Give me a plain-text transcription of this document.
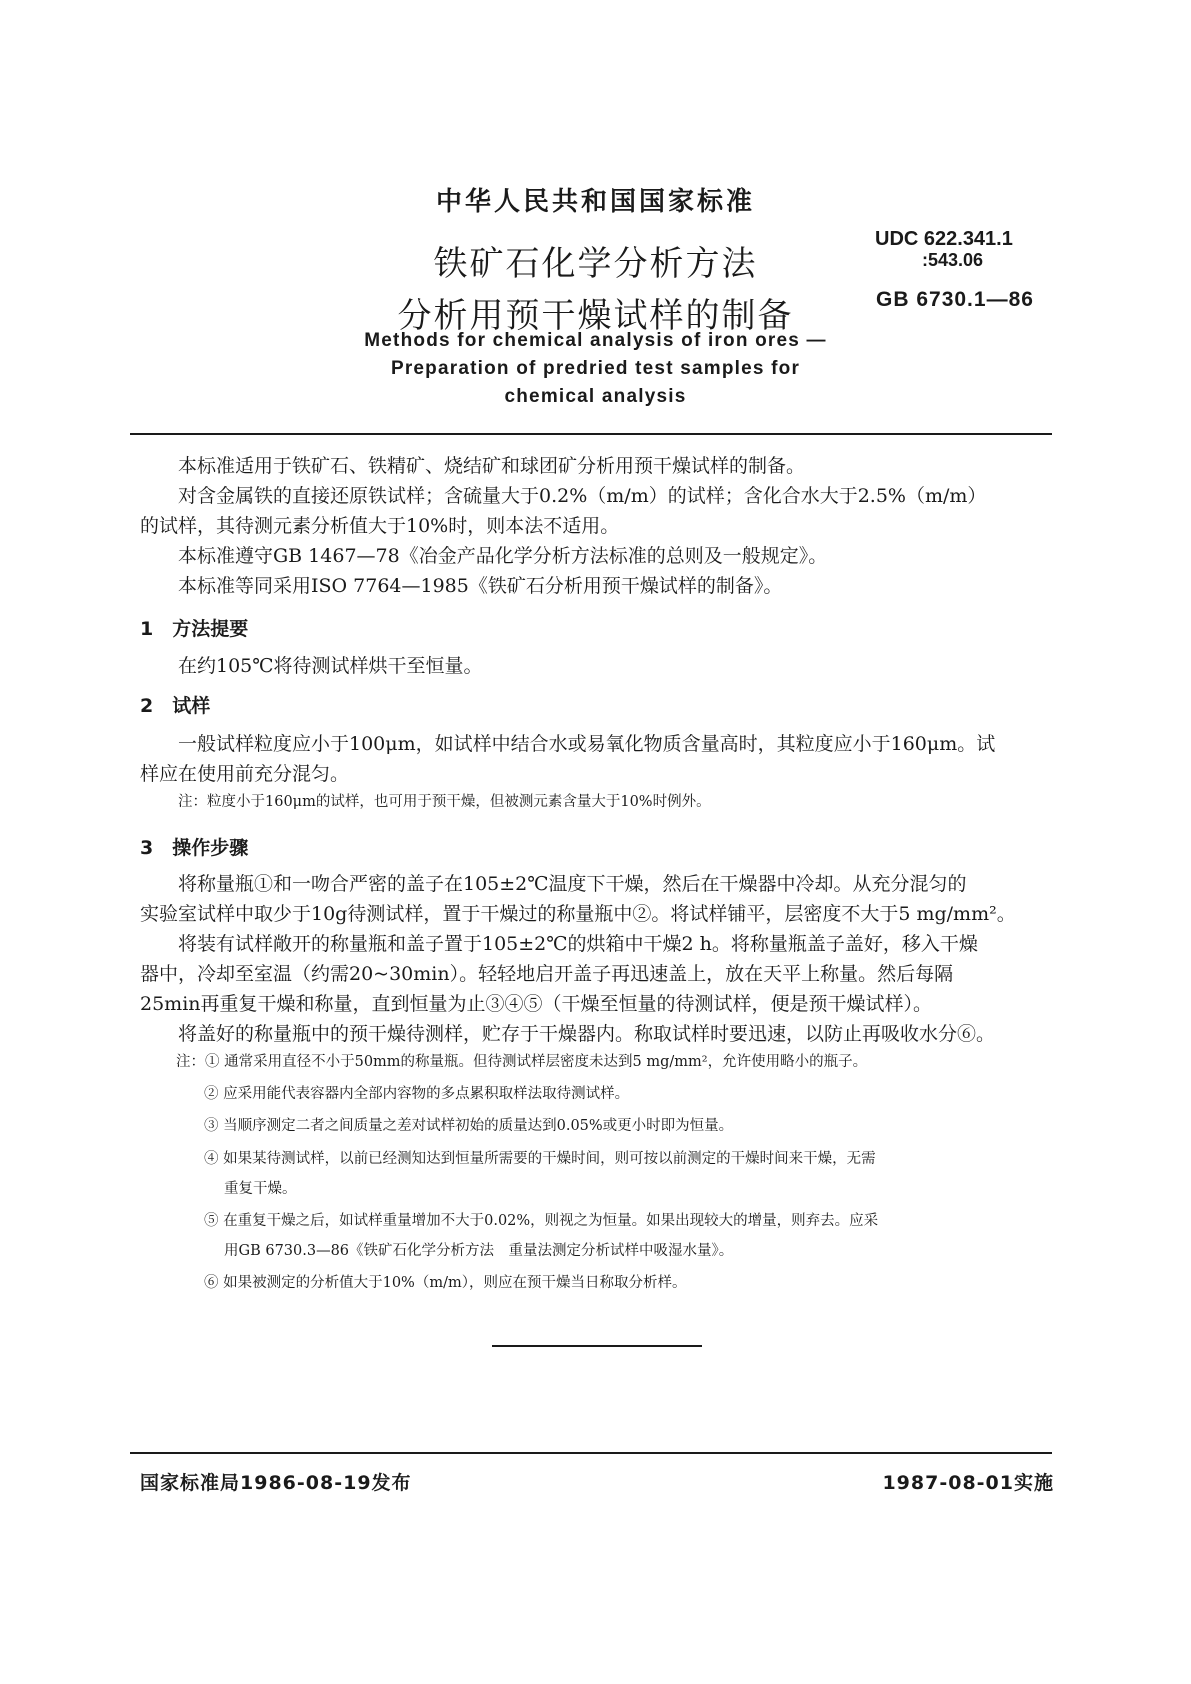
中华人民共和国国家标准
铁矿石化学分析方法
分析用预干燥试样的制备
UDC 622.341.1
:543.06
GB 6730.1—86
Methods for chemical analysis of iron ores —
Preparation of predried test samples for
chemical analysis
本标准适用于铁矿石、铁精矿、烧结矿和球团矿分析用预干燥试样的制备。
对含金属铁的直接还原铁试样；含硫量大于0.2%（m/m）的试样；含化合水大于2.5%（m/m）
的试样，其待测元素分析值大于10%时，则本法不适用。
本标准遵守GB 1467—78《冶金产品化学分析方法标准的总则及一般规定》。
本标准等同采用ISO 7764—1985《铁矿石分析用预干燥试样的制备》。
1　方法提要
在约105℃将待测试样烘干至恒量。
2　试样
一般试样粒度应小于100μm，如试样中结合水或易氧化物质含量高时，其粒度应小于160μm。试
样应在使用前充分混匀。
注：粒度小于160μm的试样，也可用于预干燥，但被测元素含量大于10%时例外。
3　操作步骤
将称量瓶①和一吻合严密的盖子在105±2℃温度下干燥，然后在干燥器中冷却。从充分混匀的
实验室试样中取少于10g待测试样，置于干燥过的称量瓶中②。将试样铺平，层密度不大于5 mg/mm²。
将装有试样敞开的称量瓶和盖子置于105±2℃的烘箱中干燥2 h。将称量瓶盖子盖好，移入干燥
器中，冷却至室温（约需20~30min）。轻轻地启开盖子再迅速盖上，放在天平上称量。然后每隔
25min再重复干燥和称量，直到恒量为止③④⑤（干燥至恒量的待测试样，便是预干燥试样）。
将盖好的称量瓶中的预干燥待测样，贮存于干燥器内。称取试样时要迅速，以防止再吸收水分⑥。
注：① 通常采用直径不小于50mm的称量瓶。但待测试样层密度未达到5 mg/mm²，允许使用略小的瓶子。
② 应采用能代表容器内全部内容物的多点累积取样法取待测试样。
③ 当顺序测定二者之间质量之差对试样初始的质量达到0.05%或更小时即为恒量。
④ 如果某待测试样，以前已经测知达到恒量所需要的干燥时间，则可按以前测定的干燥时间来干燥，无需
重复干燥。
⑤ 在重复干燥之后，如试样重量增加不大于0.02%，则视之为恒量。如果出现较大的增量，则弃去。应采
用GB 6730.3—86《铁矿石化学分析方法　重量法测定分析试样中吸湿水量》。
⑥ 如果被测定的分析值大于10%（m/m），则应在预干燥当日称取分析样。
国家标准局1986-08-19发布	1987-08-01实施
